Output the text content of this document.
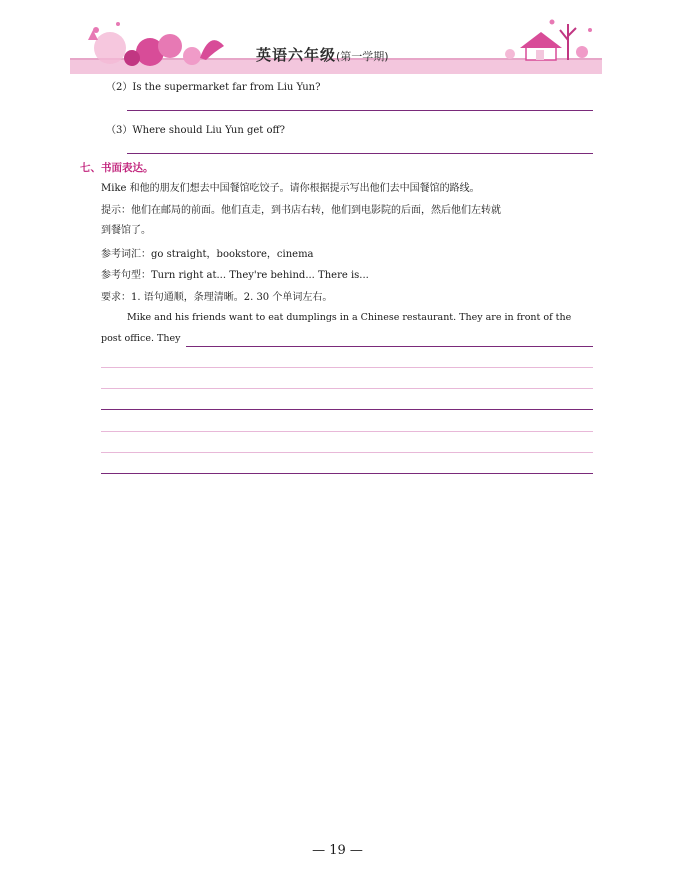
英语六年级(第一学期)
（2）Is the supermarket far from Liu Yun?
（3）Where should Liu Yun get off?
七、书面表达。
Mike 和他的朋友们想去中国餐馆吃饺子。请你根据提示写出他们去中国餐馆的路线。
提示：他们在邮局的前面。他们直走，到书店右转，他们到电影院的后面，然后他们左转就
到餐馆了。
参考词汇：go straight，bookstore，cinema
参考句型：Turn right at... They're behind... There is...
要求：1. 语句通顺，条理清晰。2. 30 个单词左右。
Mike and his friends want to eat dumplings in a Chinese restaurant. They are in front of the
post office. They
— 19 —
